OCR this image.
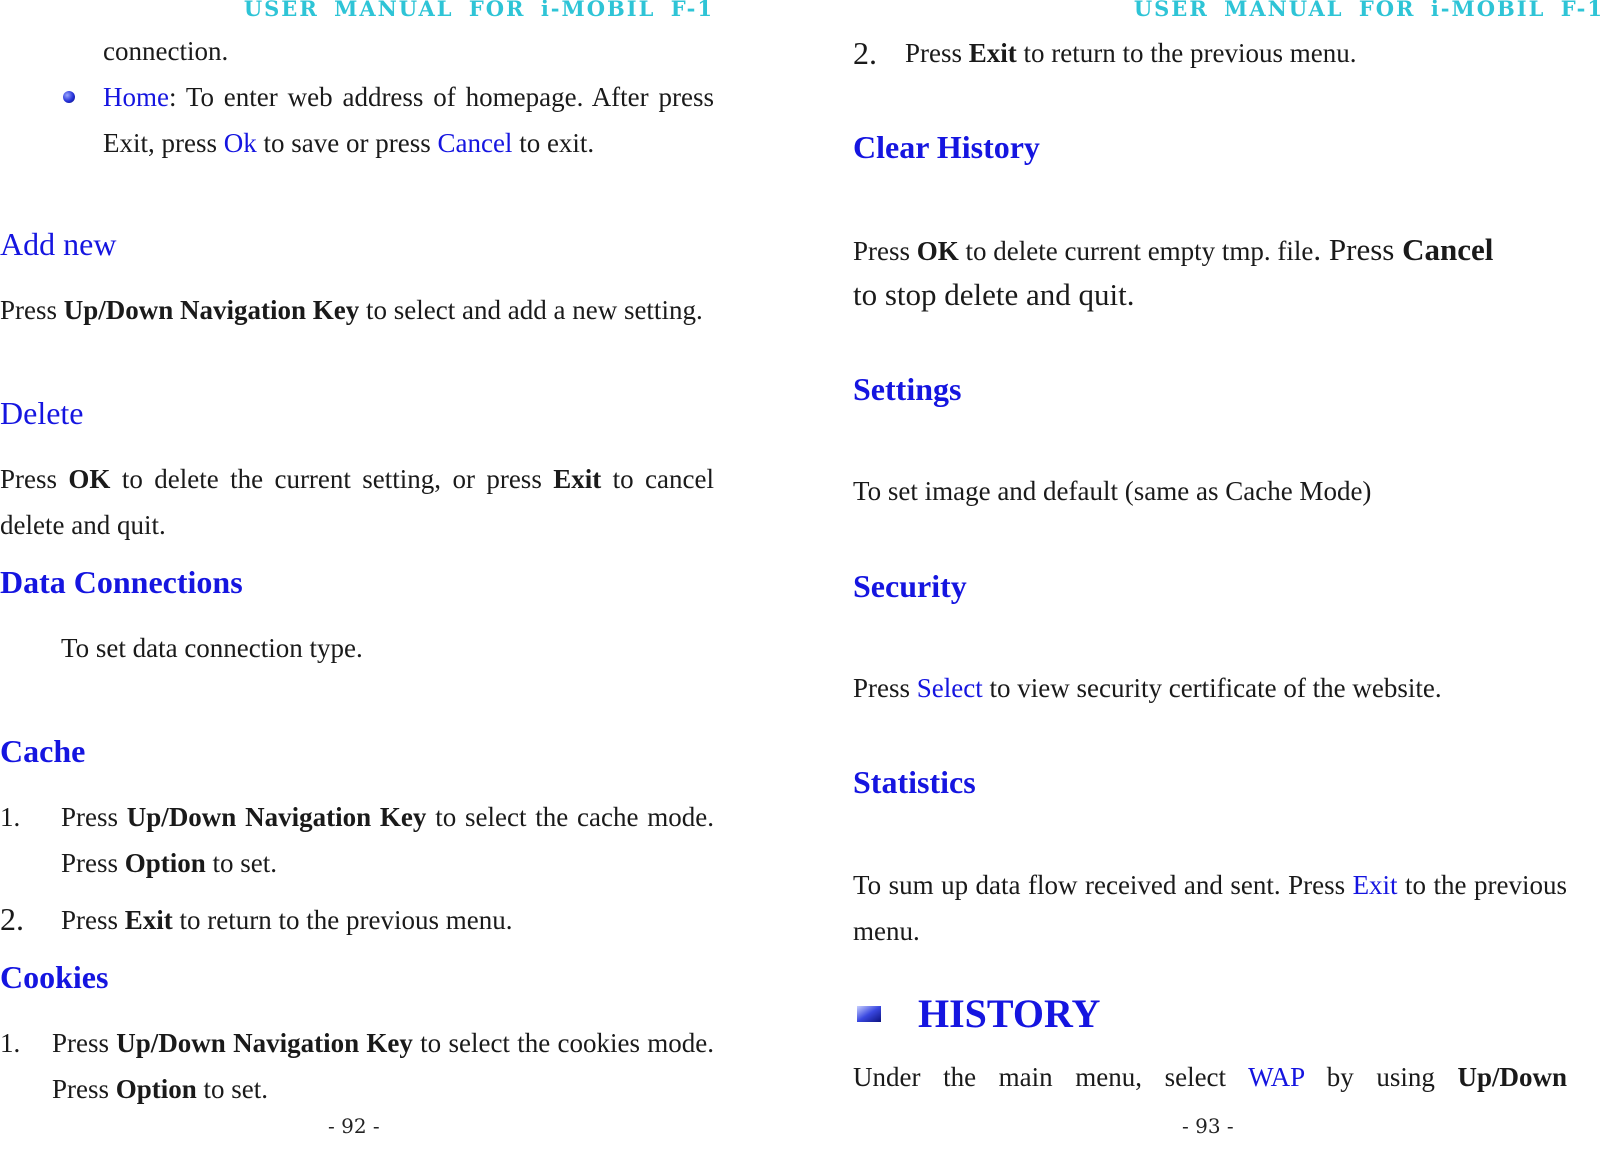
USER MANUAL FOR i-MOBIL F-1
connection.
Home: To enter web address of homepage. After press Exit, press Ok to save or press Cancel to exit.
Add new
Press Up/Down Navigation Key to select and add a new setting.
Delete
Press OK to delete the current setting, or press Exit to cancel delete and quit.
Data Connections
To set data connection type.
Cache
1. Press Up/Down Navigation Key to select the cache mode. Press Option to set.
2. Press Exit to return to the previous menu.
Cookies
1. Press Up/Down Navigation Key to select the cookies mode. Press Option to set.
- 92 -
USER MANUAL FOR i-MOBIL F-1
2. Press Exit to return to the previous menu.
Clear History
Press OK to delete current empty tmp. file. Press Cancel
to stop delete and quit.
Settings
To set image and default (same as Cache Mode)
Security
Press Select to view security certificate of the website.
Statistics
To sum up data flow received and sent. Press Exit to the previous menu.
HISTORY
Under the main menu, select WAP by using Up/Down
- 93 -
